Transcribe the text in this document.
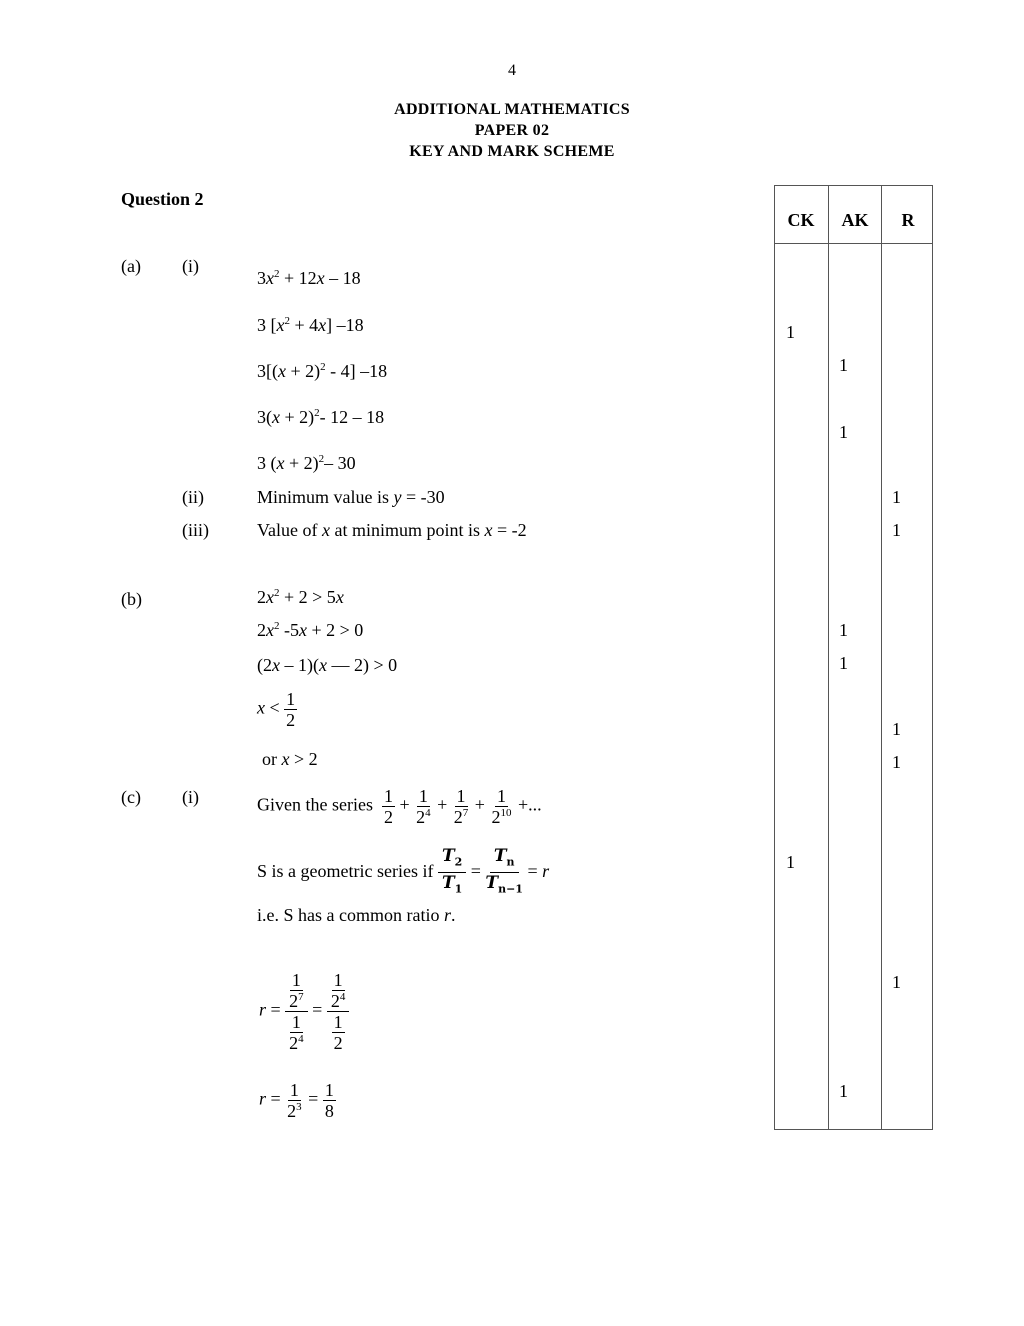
4
ADDITIONAL MATHEMATICS
PAPER 02
KEY AND MARK SCHEME
Question 2
(a) (i)
(ii)
(iii)
(b)
(c) (i)
$3x^2 + 12x - 18$
3 $[x^2 + 4x]$ –18
$3[(x + 2)^2 - 4]$ –18
$3(x + 2)^2-$ 12 – 18
3 $(x + 2)^2-$ 30
Minimum value is y = -30
Value of x at minimum point is x = -2
$2x^2 + 2 > 5x$
$2x^2$ -5x + 2 > 0
(2x – 1)(x — 2) > 0
$x < \frac{1}{2}$
or x > 2
Given the series $\frac{1}{2} + \frac{1}{2^4} + \frac{1}{2^7} + \frac{1}{2^{10}}$ +...
S is a geometric series if $\frac{T_2}{T_1} = \frac{T_n}{T_{n-1}} = r$
i.e. S has a common ratio r.
$r = \frac{\frac{1}{2^7}}{\frac{1}{2^4}} = \frac{\frac{1}{2^4}}{\frac{1}{2}}$
$r = \frac{1}{2^3} = \frac{1}{8}$
CK	AK	R
1
1
1
1
1
1
1
1
1
1
1
1
